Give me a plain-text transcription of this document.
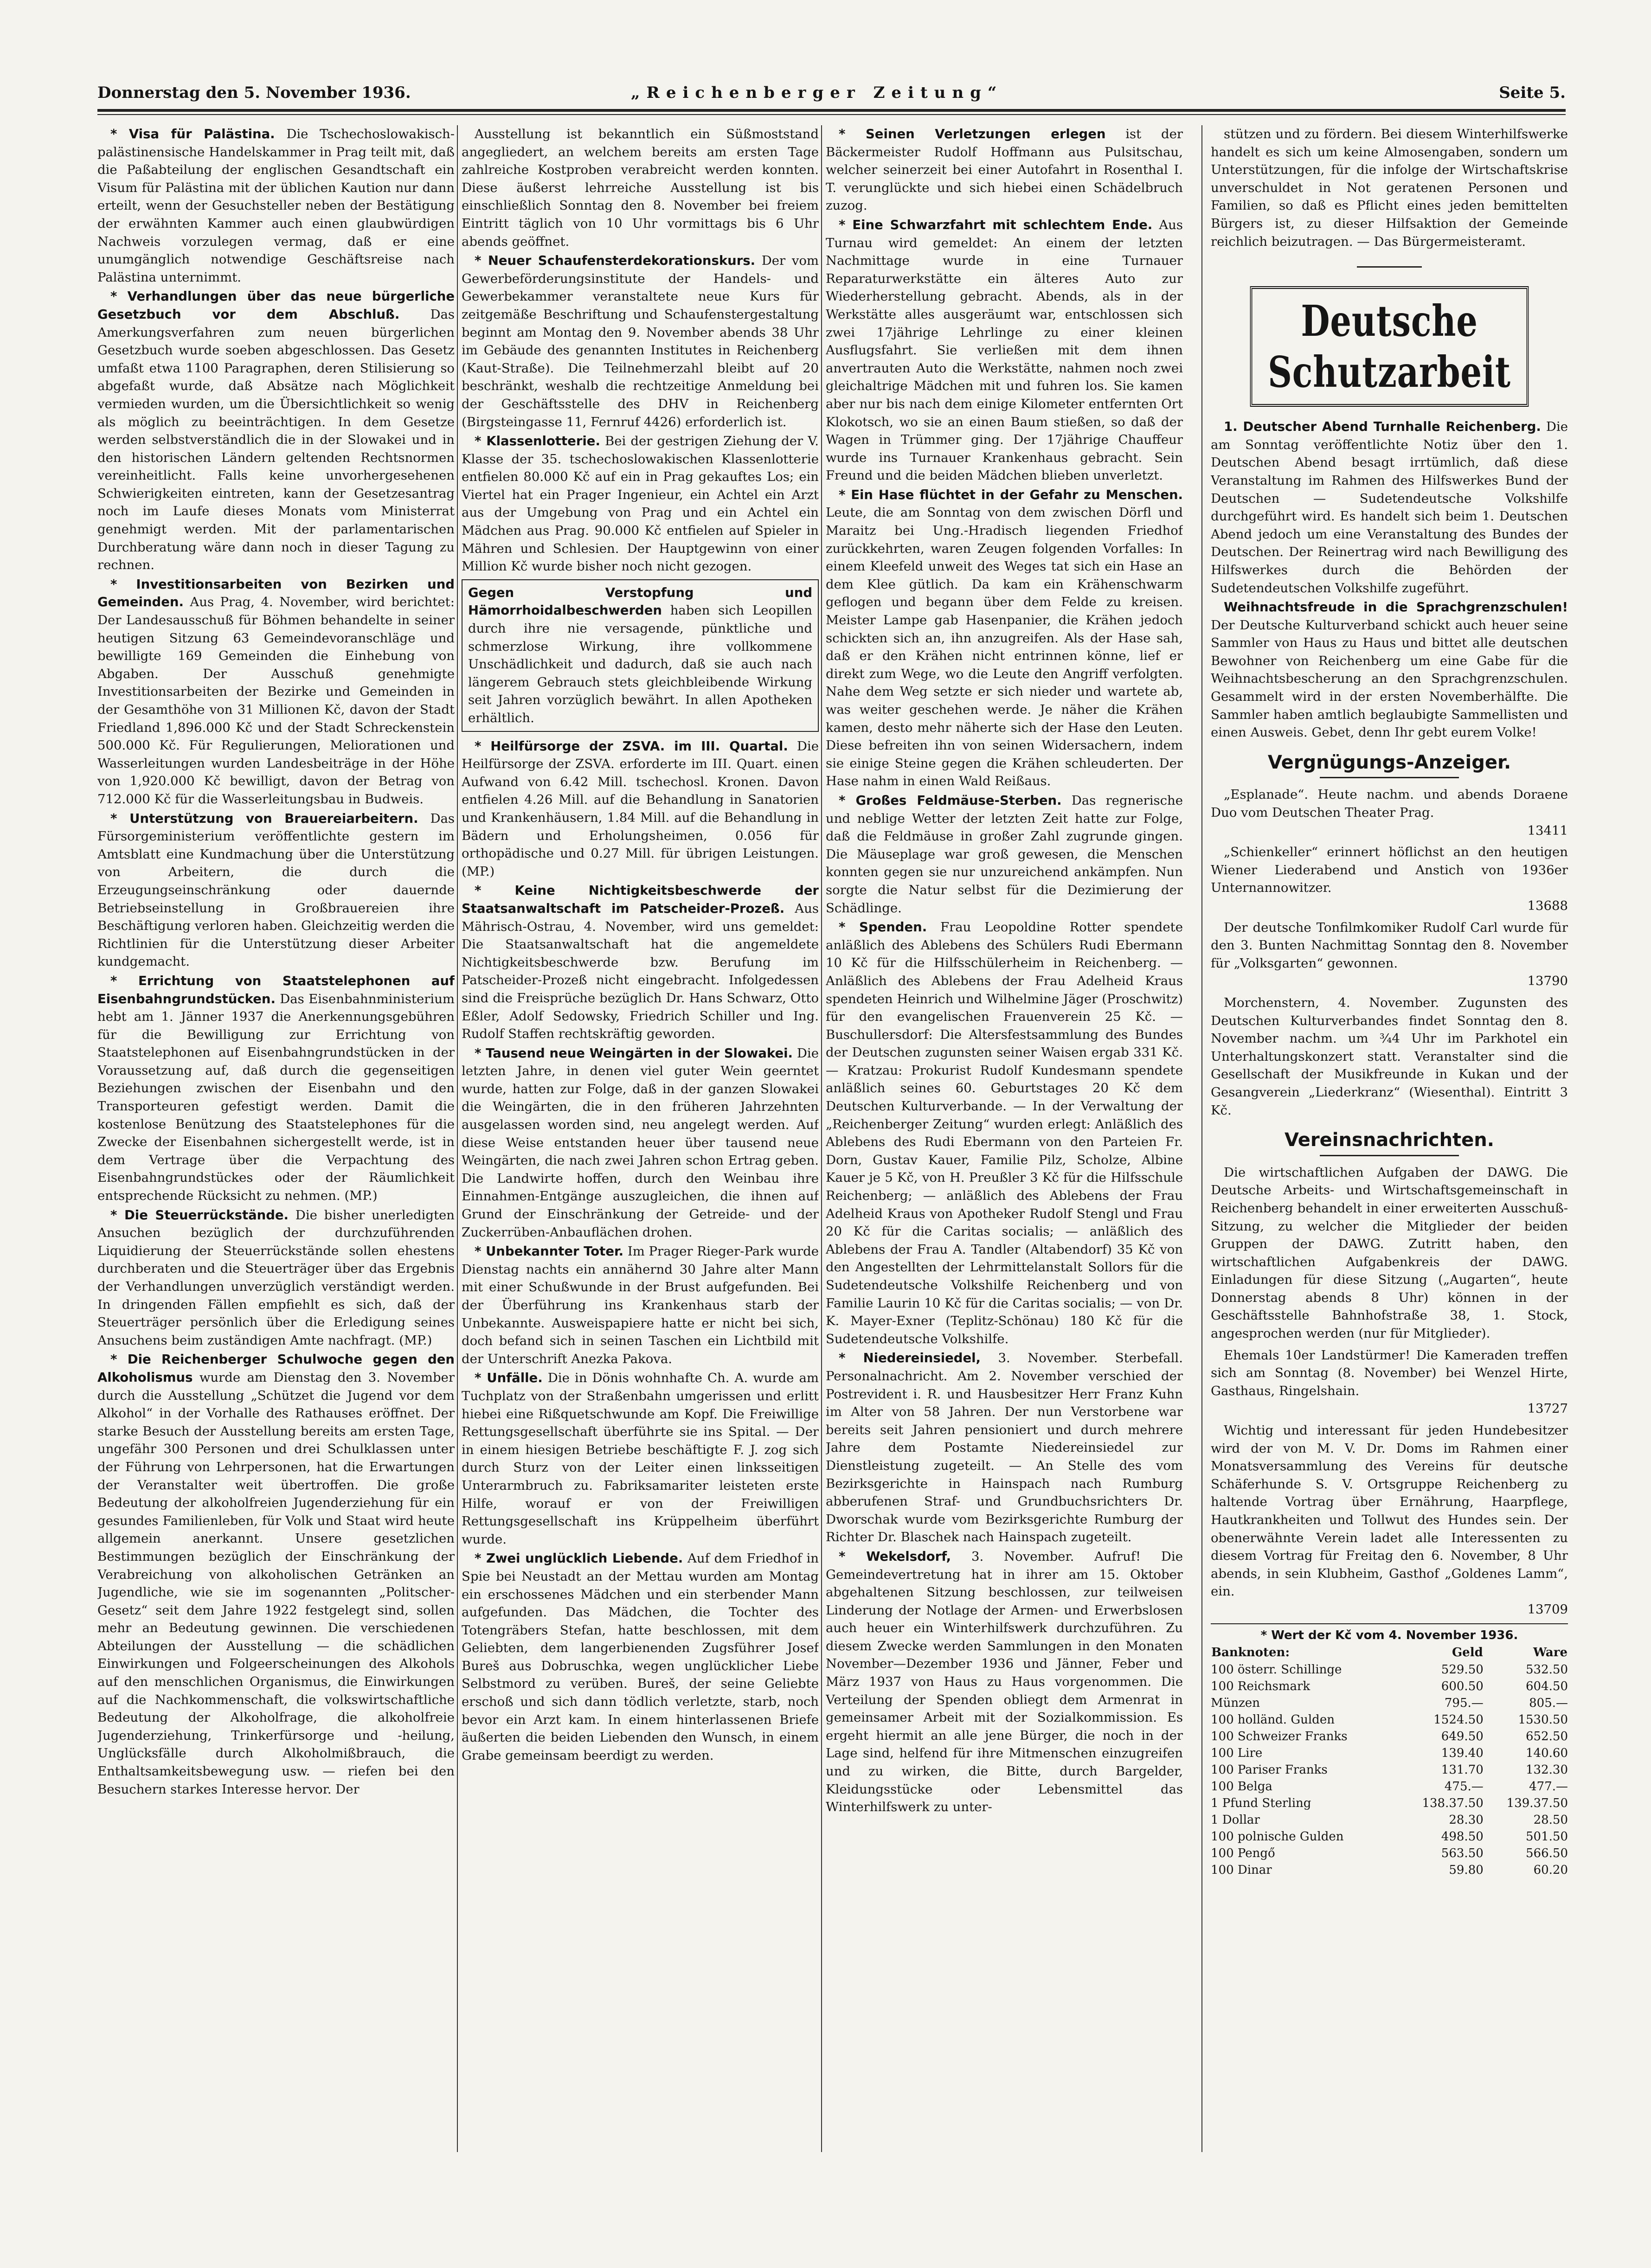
Donnerstag den 5. November 1936.	„Reichenberger Zeitung“	Seite 5.

* Visa für Palästina. Die Tschechoslowakisch-palästinensische Handelskammer in Prag teilt mit, daß die Paßabteilung der englischen Gesandtschaft ein Visum für Palästina mit der üblichen Kaution nur dann erteilt, wenn der Gesuchsteller neben der Bestätigung der erwähnten Kammer auch einen glaubwürdigen Nachweis vorzulegen vermag, daß er eine unumgänglich notwendige Geschäftsreise nach Palästina unternimmt.

* Verhandlungen über das neue bürgerliche Gesetzbuch vor dem Abschluß. Das Amerkungsverfahren zum neuen bürgerlichen Gesetzbuch wurde soeben abgeschlossen. Das Gesetz umfaßt etwa 1100 Paragraphen, deren Stilisierung so abgefaßt wurde, daß Absätze nach Möglichkeit vermieden wurden, um die Übersichtlichkeit so wenig als möglich zu beeinträchtigen. In dem Gesetze werden selbstverständlich die in der Slowakei und in den historischen Ländern geltenden Rechtsnormen vereinheitlicht. Falls keine unvorhergesehenen Schwierigkeiten eintreten, kann der Gesetzesantrag noch im Laufe dieses Monats vom Ministerrat genehmigt werden. Mit der parlamentarischen Durchberatung wäre dann noch in dieser Tagung zu rechnen.

* Investitionsarbeiten von Bezirken und Gemeinden. Aus Prag, 4. November, wird berichtet: Der Landesausschuß für Böhmen behandelte in seiner heutigen Sitzung 63 Gemeindevoranschläge und bewilligte 169 Gemeinden die Einhebung von Abgaben. Der Ausschuß genehmigte Investitionsarbeiten der Bezirke und Gemeinden in der Gesamthöhe von 31 Millionen Kč, davon der Stadt Friedland 1,896.000 Kč und der Stadt Schreckenstein 500.000 Kč. Für Regulierungen, Meliorationen und Wasserleitungen wurden Landesbeiträge in der Höhe von 1,920.000 Kč bewilligt, davon der Betrag von 712.000 Kč für die Wasserleitungsbau in Budweis.

* Unterstützung von Brauereiarbeitern. Das Fürsorgeministerium veröffentlichte gestern im Amtsblatt eine Kundmachung über die Unterstützung von Arbeitern, die durch die Erzeugungseinschränkung oder dauernde Betriebseinstellung in Großbrauereien ihre Beschäftigung verloren haben. Gleichzeitig werden die Richtlinien für die Unterstützung dieser Arbeiter kundgemacht.

* Errichtung von Staatstelephonen auf Eisenbahngrundstücken. Das Eisenbahnministerium hebt am 1. Jänner 1937 die Anerkennungsgebühren für die Bewilligung zur Errichtung von Staatstelephonen auf Eisenbahngrundstücken in der Voraussetzung auf, daß durch die gegenseitigen Beziehungen zwischen der Eisenbahn und den Transporteuren gefestigt werden. Damit die kostenlose Benützung des Staatstelephones für die Zwecke der Eisenbahnen sichergestellt werde, ist in dem Vertrage über die Verpachtung des Eisenbahngrundstückes oder der Räumlichkeit entsprechende Rücksicht zu nehmen. (MP.)

* Die Steuerrückstände. Die bisher unerledigten Ansuchen bezüglich der durchzuführenden Liquidierung der Steuerrückstände sollen ehestens durchberaten und die Steuerträger über das Ergebnis der Verhandlungen unverzüglich verständigt werden. In dringenden Fällen empfiehlt es sich, daß der Steuerträger persönlich über die Erledigung seines Ansuchens beim zuständigen Amte nachfragt. (MP.)

* Die Reichenberger Schulwoche gegen den Alkoholismus wurde am Dienstag den 3. November durch die Ausstellung „Schützet die Jugend vor dem Alkohol“ in der Vorhalle des Rathauses eröffnet. Der starke Besuch der Ausstellung bereits am ersten Tage, ungefähr 300 Personen und drei Schulklassen unter der Führung von Lehrpersonen, hat die Erwartungen der Veranstalter weit übertroffen. Die große Bedeutung der alkoholfreien Jugenderziehung für ein gesundes Familienleben, für Volk und Staat wird heute allgemein anerkannt. Unsere gesetzlichen Bestimmungen bezüglich der Einschränkung der Verabreichung von alkoholischen Getränken an Jugendliche, wie sie im sogenannten „Politscher-Gesetz“ seit dem Jahre 1922 festgelegt sind, sollen mehr an Bedeutung gewinnen. Die verschiedenen Abteilungen der Ausstellung — die schädlichen Einwirkungen und Folgeerscheinungen des Alkohols auf den menschlichen Organismus, die Einwirkungen auf die Nachkommenschaft, die volkswirtschaftliche Bedeutung der Alkoholfrage, die alkoholfreie Jugenderziehung, Trinkerfürsorge und -heilung, Unglücksfälle durch Alkoholmißbrauch, die Enthaltsamkeitsbewegung usw. — riefen bei den Besuchern starkes Interesse hervor. Der

Ausstellung ist bekanntlich ein Süßmoststand angegliedert, an welchem bereits am ersten Tage zahlreiche Kostproben verabreicht werden konnten. Diese äußerst lehrreiche Ausstellung ist bis einschließlich Sonntag den 8. November bei freiem Eintritt täglich von 10 Uhr vormittags bis 6 Uhr abends geöffnet.

* Neuer Schaufensterdekorationskurs. Der vom Gewerbeförderungsinstitute der Handels- und Gewerbekammer veranstaltete neue Kurs für zeitgemäße Beschriftung und Schaufenstergestaltung beginnt am Montag den 9. November abends 38 Uhr im Gebäude des genannten Institutes in Reichenberg (Kaut-Straße). Die Teilnehmerzahl bleibt auf 20 beschränkt, weshalb die rechtzeitige Anmeldung bei der Geschäftsstelle des DHV in Reichenberg (Birgsteingasse 11, Fernruf 4426) erforderlich ist.

* Klassenlotterie. Bei der gestrigen Ziehung der V. Klasse der 35. tschechoslowakischen Klassenlotterie entfielen 80.000 Kč auf ein in Prag gekauftes Los; ein Viertel hat ein Prager Ingenieur, ein Achtel ein Arzt aus der Umgebung von Prag und ein Achtel ein Mädchen aus Prag. 90.000 Kč entfielen auf Spieler in Mähren und Schlesien. Der Hauptgewinn von einer Million Kč wurde bisher noch nicht gezogen.

Gegen Verstopfung und Hämorrhoidalbeschwerden haben sich Leopillen durch ihre nie versagende, pünktliche und schmerzlose Wirkung, ihre vollkommene Unschädlichkeit und dadurch, daß sie auch nach längerem Gebrauch stets gleichbleibende Wirkung seit Jahren vorzüglich bewährt. In allen Apotheken erhältlich.

* Heilfürsorge der ZSVA. im III. Quartal. Die Heilfürsorge der ZSVA. erforderte im III. Quart. einen Aufwand von 6.42 Mill. tschechosl. Kronen. Davon entfielen 4.26 Mill. auf die Behandlung in Sanatorien und Krankenhäusern, 1.84 Mill. auf die Behandlung in Bädern und Erholungsheimen, 0.056 für orthopädische und 0.27 Mill. für übrigen Leistungen. (MP.)

* Keine Nichtigkeitsbeschwerde der Staatsanwaltschaft im Patscheider-Prozeß. Aus Mährisch-Ostrau, 4. November, wird uns gemeldet: Die Staatsanwaltschaft hat die angemeldete Nichtigkeitsbeschwerde bzw. Berufung im Patscheider-Prozeß nicht eingebracht. Infolgedessen sind die Freisprüche bezüglich Dr. Hans Schwarz, Otto Eßler, Adolf Sedowsky, Friedrich Schiller und Ing. Rudolf Staffen rechtskräftig geworden.

* Tausend neue Weingärten in der Slowakei. Die letzten Jahre, in denen viel guter Wein geerntet wurde, hatten zur Folge, daß in der ganzen Slowakei die Weingärten, die in den früheren Jahrzehnten ausgelassen worden sind, neu angelegt werden. Auf diese Weise entstanden heuer über tausend neue Weingärten, die nach zwei Jahren schon Ertrag geben. Die Landwirte hoffen, durch den Weinbau ihre Einnahmen-Entgänge auszugleichen, die ihnen auf Grund der Einschränkung der Getreide- und der Zuckerrüben-Anbauflächen drohen.

* Unbekannter Toter. Im Prager Rieger-Park wurde Dienstag nachts ein annähernd 30 Jahre alter Mann mit einer Schußwunde in der Brust aufgefunden. Bei der Überführung ins Krankenhaus starb der Unbekannte. Ausweispapiere hatte er nicht bei sich, doch befand sich in seinen Taschen ein Lichtbild mit der Unterschrift Anezka Pakova.

* Unfälle. Die in Dönis wohnhafte Ch. A. wurde am Tuchplatz von der Straßenbahn umgerissen und erlitt hiebei eine Rißquetschwunde am Kopf. Die Freiwillige Rettungsgesellschaft überführte sie ins Spital. — Der in einem hiesigen Betriebe beschäftigte F. J. zog sich durch Sturz von der Leiter einen linksseitigen Unterarmbruch zu. Fabriksamariter leisteten erste Hilfe, worauf er von der Freiwilligen Rettungsgesellschaft ins Krüppelheim überführt wurde.

* Zwei unglücklich Liebende. Auf dem Friedhof in Spie bei Neustadt an der Mettau wurden am Montag ein erschossenes Mädchen und ein sterbender Mann aufgefunden. Das Mädchen, die Tochter des Totengräbers Stefan, hatte beschlossen, mit dem Geliebten, dem langerbienenden Zugsführer Josef Bureš aus Dobruschka, wegen unglücklicher Liebe Selbstmord zu verüben. Bureš, der seine Geliebte erschoß und sich dann tödlich verletzte, starb, noch bevor ein Arzt kam. In einem hinterlassenen Briefe äußerten die beiden Liebenden den Wunsch, in einem Grabe gemeinsam beerdigt zu werden.

* Seinen Verletzungen erlegen ist der Bäckermeister Rudolf Hoffmann aus Pulsitschau, welcher seinerzeit bei einer Autofahrt in Rosenthal I. T. verunglückte und sich hiebei einen Schädelbruch zuzog.

* Eine Schwarzfahrt mit schlechtem Ende. Aus Turnau wird gemeldet: An einem der letzten Nachmittage wurde in eine Turnauer Reparaturwerkstätte ein älteres Auto zur Wiederherstellung gebracht. Abends, als in der Werkstätte alles ausgeräumt war, entschlossen sich zwei 17jährige Lehrlinge zu einer kleinen Ausflugsfahrt. Sie verließen mit dem ihnen anvertrauten Auto die Werkstätte, nahmen noch zwei gleichaltrige Mädchen mit und fuhren los. Sie kamen aber nur bis nach dem einige Kilometer entfernten Ort Klokotsch, wo sie an einen Baum stießen, so daß der Wagen in Trümmer ging. Der 17jährige Chauffeur wurde ins Turnauer Krankenhaus gebracht. Sein Freund und die beiden Mädchen blieben unverletzt.

* Ein Hase flüchtet in der Gefahr zu Menschen. Leute, die am Sonntag von dem zwischen Dörfl und Maraitz bei Ung.-Hradisch liegenden Friedhof zurückkehrten, waren Zeugen folgenden Vorfalles: In einem Kleefeld unweit des Weges tat sich ein Hase an dem Klee gütlich. Da kam ein Krähenschwarm geflogen und begann über dem Felde zu kreisen. Meister Lampe gab Hasenpanier, die Krähen jedoch schickten sich an, ihn anzugreifen. Als der Hase sah, daß er den Krähen nicht entrinnen könne, lief er direkt zum Wege, wo die Leute den Angriff verfolgten. Nahe dem Weg setzte er sich nieder und wartete ab, was weiter geschehen werde. Je näher die Krähen kamen, desto mehr näherte sich der Hase den Leuten. Diese befreiten ihn von seinen Widersachern, indem sie einige Steine gegen die Krähen schleuderten. Der Hase nahm in einen Wald Reißaus.

* Großes Feldmäuse-Sterben. Das regnerische und neblige Wetter der letzten Zeit hatte zur Folge, daß die Feldmäuse in großer Zahl zugrunde gingen. Die Mäuseplage war groß gewesen, die Menschen konnten gegen sie nur unzureichend ankämpfen. Nun sorgte die Natur selbst für die Dezimierung der Schädlinge.

* Spenden. Frau Leopoldine Rotter spendete anläßlich des Ablebens des Schülers Rudi Ebermann 10 Kč für die Hilfsschülerheim in Reichenberg. — Anläßlich des Ablebens der Frau Adelheid Kraus spendeten Heinrich und Wilhelmine Jäger (Proschwitz) für den evangelischen Frauenverein 25 Kč. — Buschullersdorf: Die Altersfestsammlung des Bundes der Deutschen zugunsten seiner Waisen ergab 331 Kč. — Kratzau: Prokurist Rudolf Kundesmann spendete anläßlich seines 60. Geburtstages 20 Kč dem Deutschen Kulturverbande. — In der Verwaltung der „Reichenberger Zeitung“ wurden erlegt: Anläßlich des Ablebens des Rudi Ebermann von den Parteien Fr. Dorn, Gustav Kauer, Familie Pilz, Scholze, Albine Kauer je 5 Kč, von H. Preußler 3 Kč für die Hilfsschule Reichenberg; — anläßlich des Ablebens der Frau Adelheid Kraus von Apotheker Rudolf Stengl und Frau 20 Kč für die Caritas socialis; — anläßlich des Ablebens der Frau A. Tandler (Altabendorf) 35 Kč von den Angestellten der Lehrmittelanstalt Sollors für die Sudetendeutsche Volkshilfe Reichenberg und von Familie Laurin 10 Kč für die Caritas socialis; — von Dr. K. Mayer-Exner (Teplitz-Schönau) 180 Kč für die Sudetendeutsche Volkshilfe.

* Niedereinsiedel, 3. November. Sterbefall. Personalnachricht. Am 2. November verschied der Postrevident i. R. und Hausbesitzer Herr Franz Kuhn im Alter von 58 Jahren. Der nun Verstorbene war bereits seit Jahren pensioniert und durch mehrere Jahre dem Postamte Niedereinsiedel zur Dienstleistung zugeteilt. — An Stelle des vom Bezirksgerichte in Hainspach nach Rumburg abberufenen Straf- und Grundbuchsrichters Dr. Dworschak wurde vom Bezirksgerichte Rumburg der Richter Dr. Blaschek nach Hainspach zugeteilt.

* Wekelsdorf, 3. November. Aufruf! Die Gemeindevertretung hat in ihrer am 15. Oktober abgehaltenen Sitzung beschlossen, zur teilweisen Linderung der Notlage der Armen- und Erwerbslosen auch heuer ein Winterhilfswerk durchzuführen. Zu diesem Zwecke werden Sammlungen in den Monaten November—Dezember 1936 und Jänner, Feber und März 1937 von Haus zu Haus vorgenommen. Die Verteilung der Spenden obliegt dem Armenrat in gemeinsamer Arbeit mit der Sozialkommission. Es ergeht hiermit an alle jene Bürger, die noch in der Lage sind, helfend für ihre Mitmenschen einzugreifen und zu wirken, die Bitte, durch Bargelder, Kleidungsstücke oder Lebensmittel das Winterhilfswerk zu unter-

stützen und zu fördern. Bei diesem Winterhilfswerke handelt es sich um keine Almosengaben, sondern um Unterstützungen, für die infolge der Wirtschaftskrise unverschuldet in Not geratenen Personen und Familien, so daß es Pflicht eines jeden bemittelten Bürgers ist, zu dieser Hilfsaktion der Gemeinde reichlich beizutragen. — Das Bürgermeisteramt.

Deutsche Schutzarbeit

1. Deutscher Abend Turnhalle Reichenberg. Die am Sonntag veröffentlichte Notiz über den 1. Deutschen Abend besagt irrtümlich, daß diese Veranstaltung im Rahmen des Hilfswerkes Bund der Deutschen — Sudetendeutsche Volkshilfe durchgeführt wird. Es handelt sich beim 1. Deutschen Abend jedoch um eine Veranstaltung des Bundes der Deutschen. Der Reinertrag wird nach Bewilligung des Hilfswerkes durch die Behörden der Sudetendeutschen Volkshilfe zugeführt.

Weihnachtsfreude in die Sprachgrenzschulen! Der Deutsche Kulturverband schickt auch heuer seine Sammler von Haus zu Haus und bittet alle deutschen Bewohner von Reichenberg um eine Gabe für die Weihnachtsbescherung an den Sprachgrenzschulen. Gesammelt wird in der ersten Novemberhälfte. Die Sammler haben amtlich beglaubigte Sammellisten und einen Ausweis. Gebet, denn Ihr gebt eurem Volke!

Vergnügungs-Anzeiger.

„Esplanade“. Heute nachm. und abends Doraene Duo vom Deutschen Theater Prag.

13411

„Schienkeller“ erinnert höflichst an den heutigen Wiener Liederabend und Anstich von 1936er Unternannowitzer.

13688

Der deutsche Tonfilmkomiker Rudolf Carl wurde für den 3. Bunten Nachmittag Sonntag den 8. November für „Volksgarten“ gewonnen.

13790

Morchenstern, 4. November. Zugunsten des Deutschen Kulturverbandes findet Sonntag den 8. November nachm. um ¾4 Uhr im Parkhotel ein Unterhaltungskonzert statt. Veranstalter sind die Gesellschaft der Musikfreunde in Kukan und der Gesangverein „Liederkranz“ (Wiesenthal). Eintritt 3 Kč.

Vereinsnachrichten.

Die wirtschaftlichen Aufgaben der DAWG. Die Deutsche Arbeits- und Wirtschaftsgemeinschaft in Reichenberg behandelt in einer erweiterten Ausschuß-Sitzung, zu welcher die Mitglieder der beiden Gruppen der DAWG. Zutritt haben, den wirtschaftlichen Aufgabenkreis der DAWG. Einladungen für diese Sitzung („Augarten“, heute Donnerstag abends 8 Uhr) können in der Geschäftsstelle Bahnhofstraße 38, 1. Stock, angesprochen werden (nur für Mitglieder).

Ehemals 10er Landstürmer! Die Kameraden treffen sich am Sonntag (8. November) bei Wenzel Hirte, Gasthaus, Ringelshain.

13727

Wichtig und interessant für jeden Hundebesitzer wird der von M. V. Dr. Doms im Rahmen einer Monatsversammlung des Vereins für deutsche Schäferhunde S. V. Ortsgruppe Reichenberg zu haltende Vortrag über Ernährung, Haarpflege, Hautkrankheiten und Tollwut des Hundes sein. Der obenerwähnte Verein ladet alle Interessenten zu diesem Vortrag für Freitag den 6. November, 8 Uhr abends, in sein Klubheim, Gasthof „Goldenes Lamm“, ein.

13709
* Wert der Kč vom 4. November 1936.
Banknoten:	Geld	Ware
100 österr. Schillinge	529.50	532.50
100 Reichsmark	600.50	604.50
Münzen	795.—	805.—
100 holländ. Gulden	1524.50	1530.50
100 Schweizer Franks	649.50	652.50
100 Lire	139.40	140.60
100 Pariser Franks	131.70	132.30
100 Belga	475.—	477.—
1 Pfund Sterling	138.37.50	139.37.50
1 Dollar	28.30	28.50
100 polnische Gulden	498.50	501.50
100 Pengő	563.50	566.50
100 Dinar	59.80	60.20
